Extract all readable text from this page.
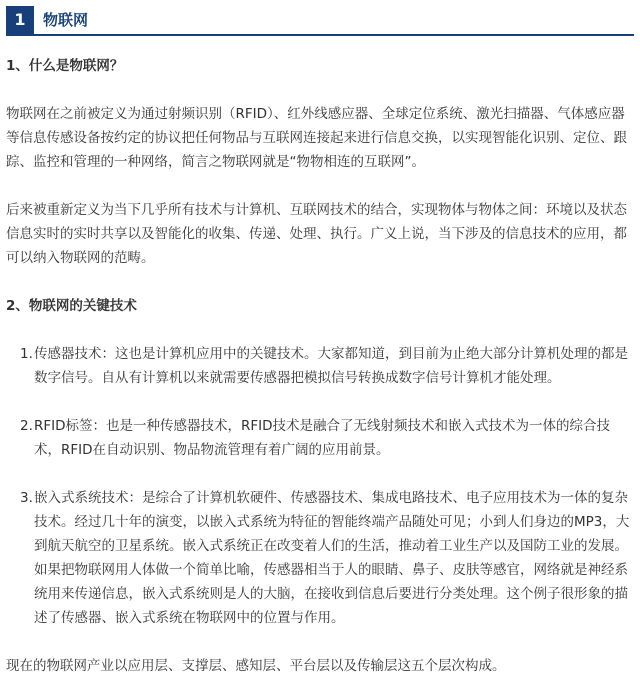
1	物联网

1、什么是物联网？

物联网在之前被定义为通过射频识别（RFID）、红外线感应器、全球定位系统、激光扫描器、气体感应器等信息传感设备按约定的协议把任何物品与互联网连接起来进行信息交换，以实现智能化识别、定位、跟踪、监控和管理的一种网络，简言之物联网就是“物物相连的互联网”。

后来被重新定义为当下几乎所有技术与计算机、互联网技术的结合，实现物体与物体之间：环境以及状态信息实时的实时共享以及智能化的收集、传递、处理、执行。广义上说，当下涉及的信息技术的应用，都可以纳入物联网的范畴。

2、物联网的关键技术

1. 传感器技术：这也是计算机应用中的关键技术。大家都知道，到目前为止绝大部分计算机处理的都是数字信号。自从有计算机以来就需要传感器把模拟信号转换成数字信号计算机才能处理。
2. RFID标签：也是一种传感器技术，RFID技术是融合了无线射频技术和嵌入式技术为一体的综合技术，RFID在自动识别、物品物流管理有着广阔的应用前景。
3. 嵌入式系统技术：是综合了计算机软硬件、传感器技术、集成电路技术、电子应用技术为一体的复杂技术。经过几十年的演变，以嵌入式系统为特征的智能终端产品随处可见；小到人们身边的MP3，大到航天航空的卫星系统。嵌入式系统正在改变着人们的生活，推动着工业生产以及国防工业的发展。如果把物联网用人体做一个简单比喻，传感器相当于人的眼睛、鼻子、皮肤等感官，网络就是神经系统用来传递信息，嵌入式系统则是人的大脑，在接收到信息后要进行分类处理。这个例子很形象的描述了传感器、嵌入式系统在物联网中的位置与作用。

现在的物联网产业以应用层、支撑层、感知层、平台层以及传输层这五个层次构成。
